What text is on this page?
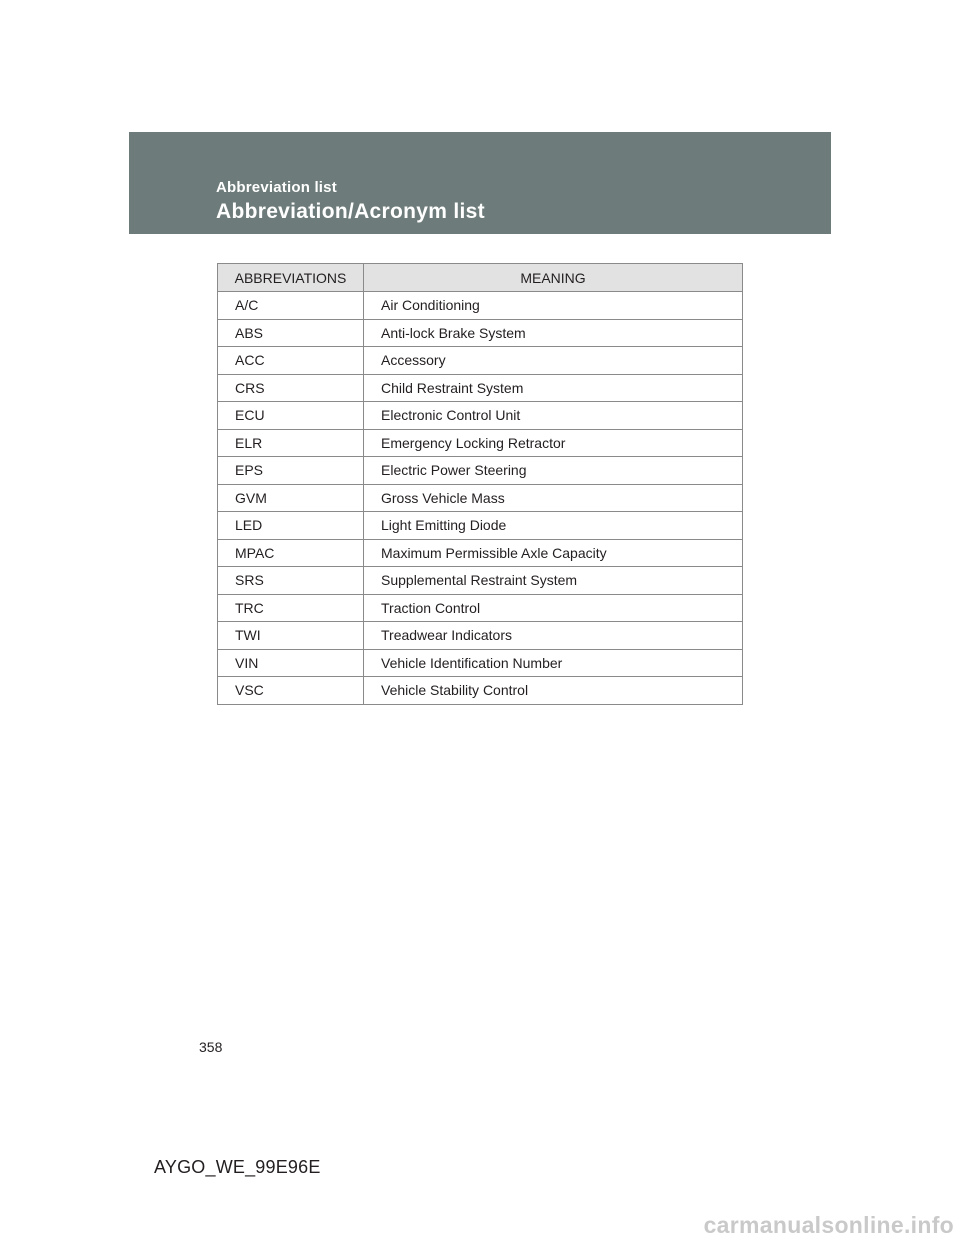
Abbreviation list
Abbreviation/Acronym list
ABBREVIATIONS	MEANING
A/C	Air Conditioning
ABS	Anti-lock Brake System
ACC	Accessory
CRS	Child Restraint System
ECU	Electronic Control Unit
ELR	Emergency Locking Retractor
EPS	Electric Power Steering
GVM	Gross Vehicle Mass
LED	Light Emitting Diode
MPAC	Maximum Permissible Axle Capacity
SRS	Supplemental Restraint System
TRC	Traction Control
TWI	Treadwear Indicators
VIN	Vehicle Identification Number
VSC	Vehicle Stability Control
358
AYGO_WE_99E96E
carmanualsonline.info
